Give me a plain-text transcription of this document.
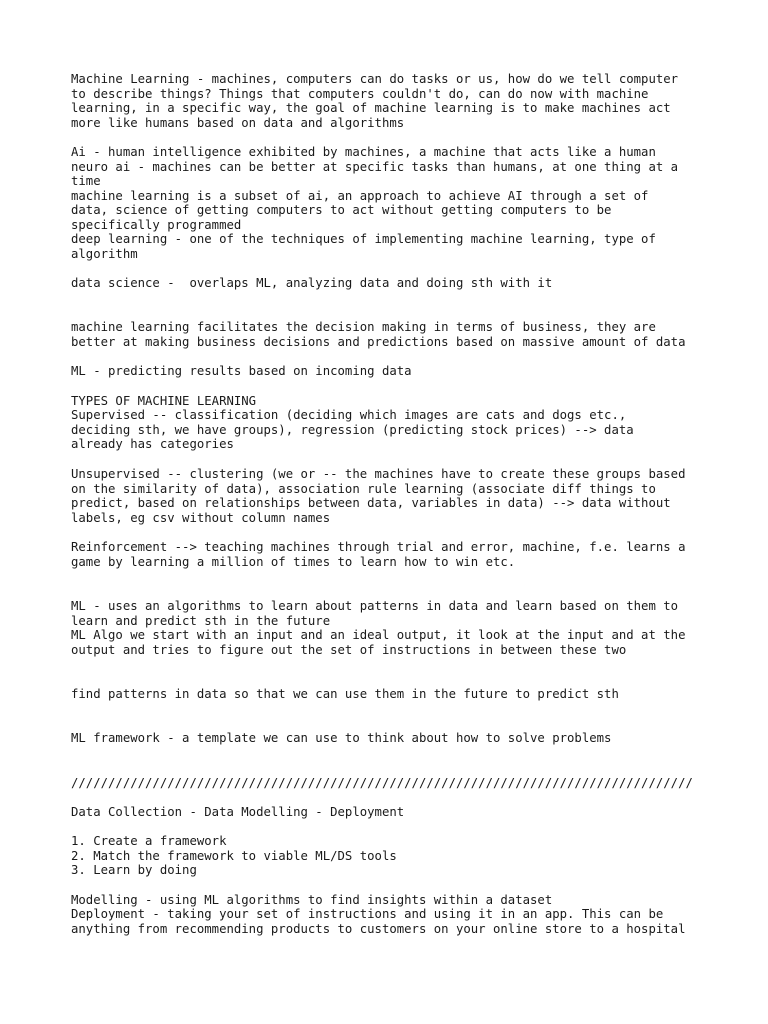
Machine Learning - machines, computers can do tasks or us, how do we tell computer

to describe things? Things that computers couldn't do, can do now with machine

learning, in a specific way, the goal of machine learning is to make machines act

more like humans based on data and algorithms

Ai - human intelligence exhibited by machines, a machine that acts like a human

neuro ai - machines can be better at specific tasks than humans, at one thing at a

time

machine learning is a subset of ai, an approach to achieve AI through a set of

data, science of getting computers to act without getting computers to be

specifically programmed

deep learning - one of the techniques of implementing machine learning, type of

algorithm

data science -  overlaps ML, analyzing data and doing sth with it

machine learning facilitates the decision making in terms of business, they are

better at making business decisions and predictions based on massive amount of data

ML - predicting results based on incoming data

TYPES OF MACHINE LEARNING

Supervised -- classification (deciding which images are cats and dogs etc.,

deciding sth, we have groups), regression (predicting stock prices) --> data

already has categories

Unsupervised -- clustering (we or -- the machines have to create these groups based

on the similarity of data), association rule learning (associate diff things to

predict, based on relationships between data, variables in data) --> data without

labels, eg csv without column names

Reinforcement --> teaching machines through trial and error, machine, f.e. learns a

game by learning a million of times to learn how to win etc.

ML - uses an algorithms to learn about patterns in data and learn based on them to

learn and predict sth in the future

ML Algo we start with an input and an ideal output, it look at the input and at the

output and tries to figure out the set of instructions in between these two

find patterns in data so that we can use them in the future to predict sth

ML framework - a template we can use to think about how to solve problems

////////////////////////////////////////////////////////////////////////////////////

Data Collection - Data Modelling - Deployment

1. Create a framework

2. Match the framework to viable ML/DS tools

3. Learn by doing

Modelling - using ML algorithms to find insights within a dataset

Deployment - taking your set of instructions and using it in an app. This can be

anything from recommending products to customers on your online store to a hospital
